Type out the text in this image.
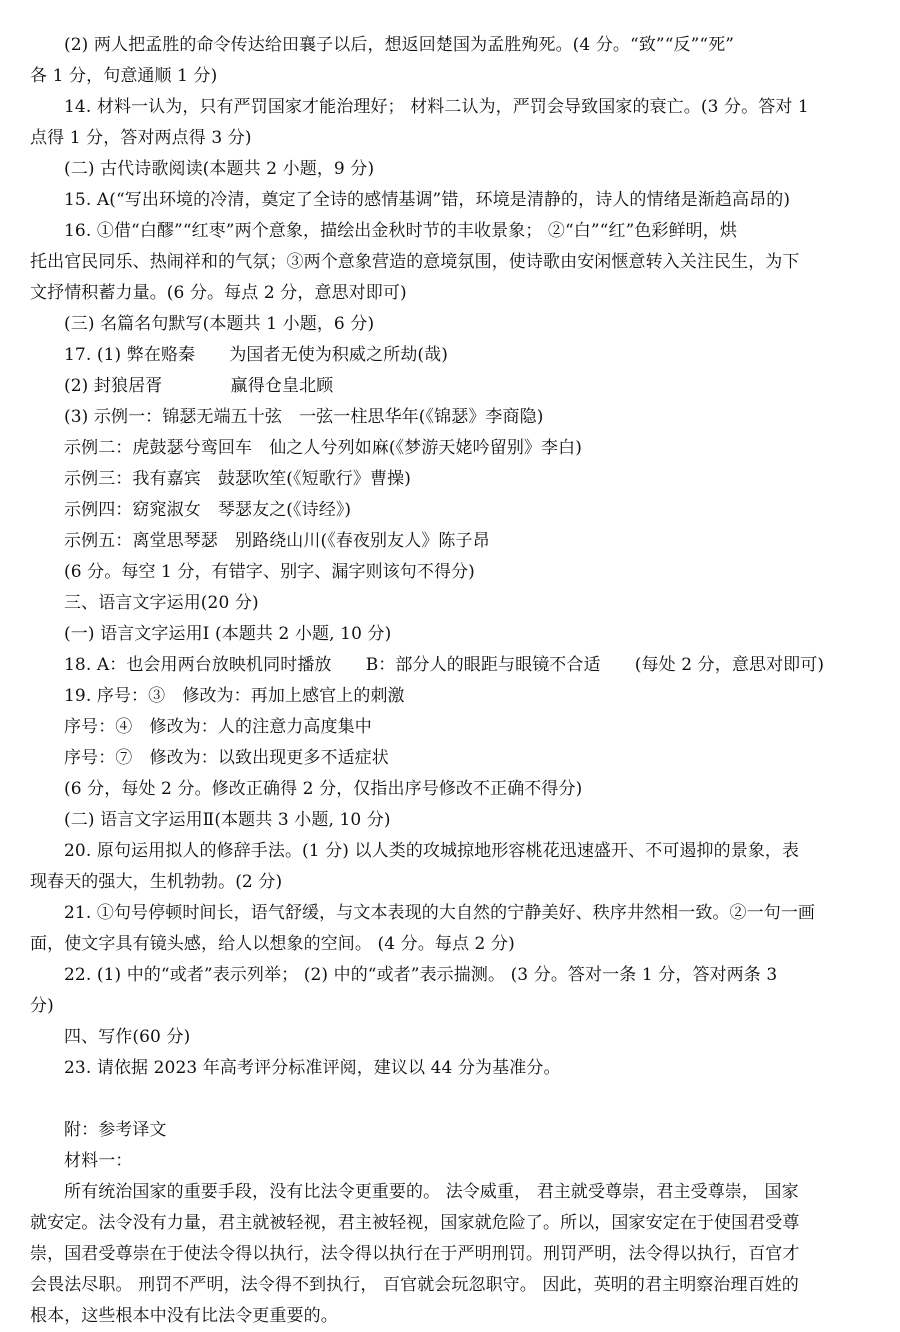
(2) 两人把孟胜的命令传达给田襄子以后，想返回楚国为孟胜殉死。(4 分。“致”“反”“死”
各 1 分，句意通顺 1 分)
14. 材料一认为，只有严罚国家才能治理好； 材料二认为，严罚会导致国家的衰亡。(3 分。答对 1
点得 1 分，答对两点得 3 分)
(二) 古代诗歌阅读(本题共 2 小题，9 分)
15. A(“写出环境的冷清，奠定了全诗的感情基调”错，环境是清静的，诗人的情绪是渐趋高昂的)
16. ①借“白醪”“红枣”两个意象，描绘出金秋时节的丰收景象； ②“白”“红”色彩鲜明，烘
托出官民同乐、热闹祥和的气氛；③两个意象营造的意境氛围，使诗歌由安闲惬意转入关注民生，为下
文抒情积蓄力量。(6 分。每点 2 分，意思对即可)
(三) 名篇名句默写(本题共 1 小题，6 分)
17. (1) 弊在赂秦　　为国者无使为积威之所劫(哉)
(2) 封狼居胥　　　　赢得仓皇北顾
(3) 示例一：锦瑟无端五十弦　一弦一柱思华年(《锦瑟》李商隐)
示例二：虎鼓瑟兮鸾回车　仙之人兮列如麻(《梦游天姥吟留别》李白)
示例三：我有嘉宾　鼓瑟吹笙(《短歌行》曹操)
示例四：窈窕淑女　琴瑟友之(《诗经》)
示例五：离堂思琴瑟　别路绕山川(《春夜别友人》陈子昂
(6 分。每空 1 分，有错字、别字、漏字则该句不得分)
三、语言文字运用(20 分)
(一) 语言文字运用Ⅰ (本题共 2 小题, 10 分)
18. A：也会用两台放映机同时播放　　B：部分人的眼距与眼镜不合适　　(每处 2 分，意思对即可)
19. 序号：③　修改为：再加上感官上的刺激
序号：④　修改为：人的注意力高度集中
序号：⑦　修改为：以致出现更多不适症状
(6 分，每处 2 分。修改正确得 2 分，仅指出序号修改不正确不得分)
(二) 语言文字运用Ⅱ(本题共 3 小题, 10 分)
20. 原句运用拟人的修辞手法。(1 分) 以人类的攻城掠地形容桃花迅速盛开、不可遏抑的景象，表
现春天的强大，生机勃勃。(2 分)
21. ①句号停顿时间长，语气舒缓，与文本表现的大自然的宁静美好、秩序井然相一致。②一句一画
面，使文字具有镜头感，给人以想象的空间。 (4 分。每点 2 分)
22. (1) 中的“或者”表示列举； (2) 中的“或者”表示揣测。 (3 分。答对一条 1 分，答对两条 3
分)
四、写作(60 分)
23. 请依据 2023 年高考评分标准评阅，建议以 44 分为基准分。
附：参考译文
材料一：
所有统治国家的重要手段，没有比法令更重要的。 法令威重， 君主就受尊崇，君主受尊崇， 国家
就安定。法令没有力量，君主就被轻视，君主被轻视，国家就危险了。所以，国家安定在于使国君受尊
崇，国君受尊崇在于使法令得以执行，法令得以执行在于严明刑罚。刑罚严明，法令得以执行，百官才
会畏法尽职。 刑罚不严明，法令得不到执行， 百官就会玩忽职守。 因此，英明的君主明察治理百姓的
根本，这些根本中没有比法令更重要的。
